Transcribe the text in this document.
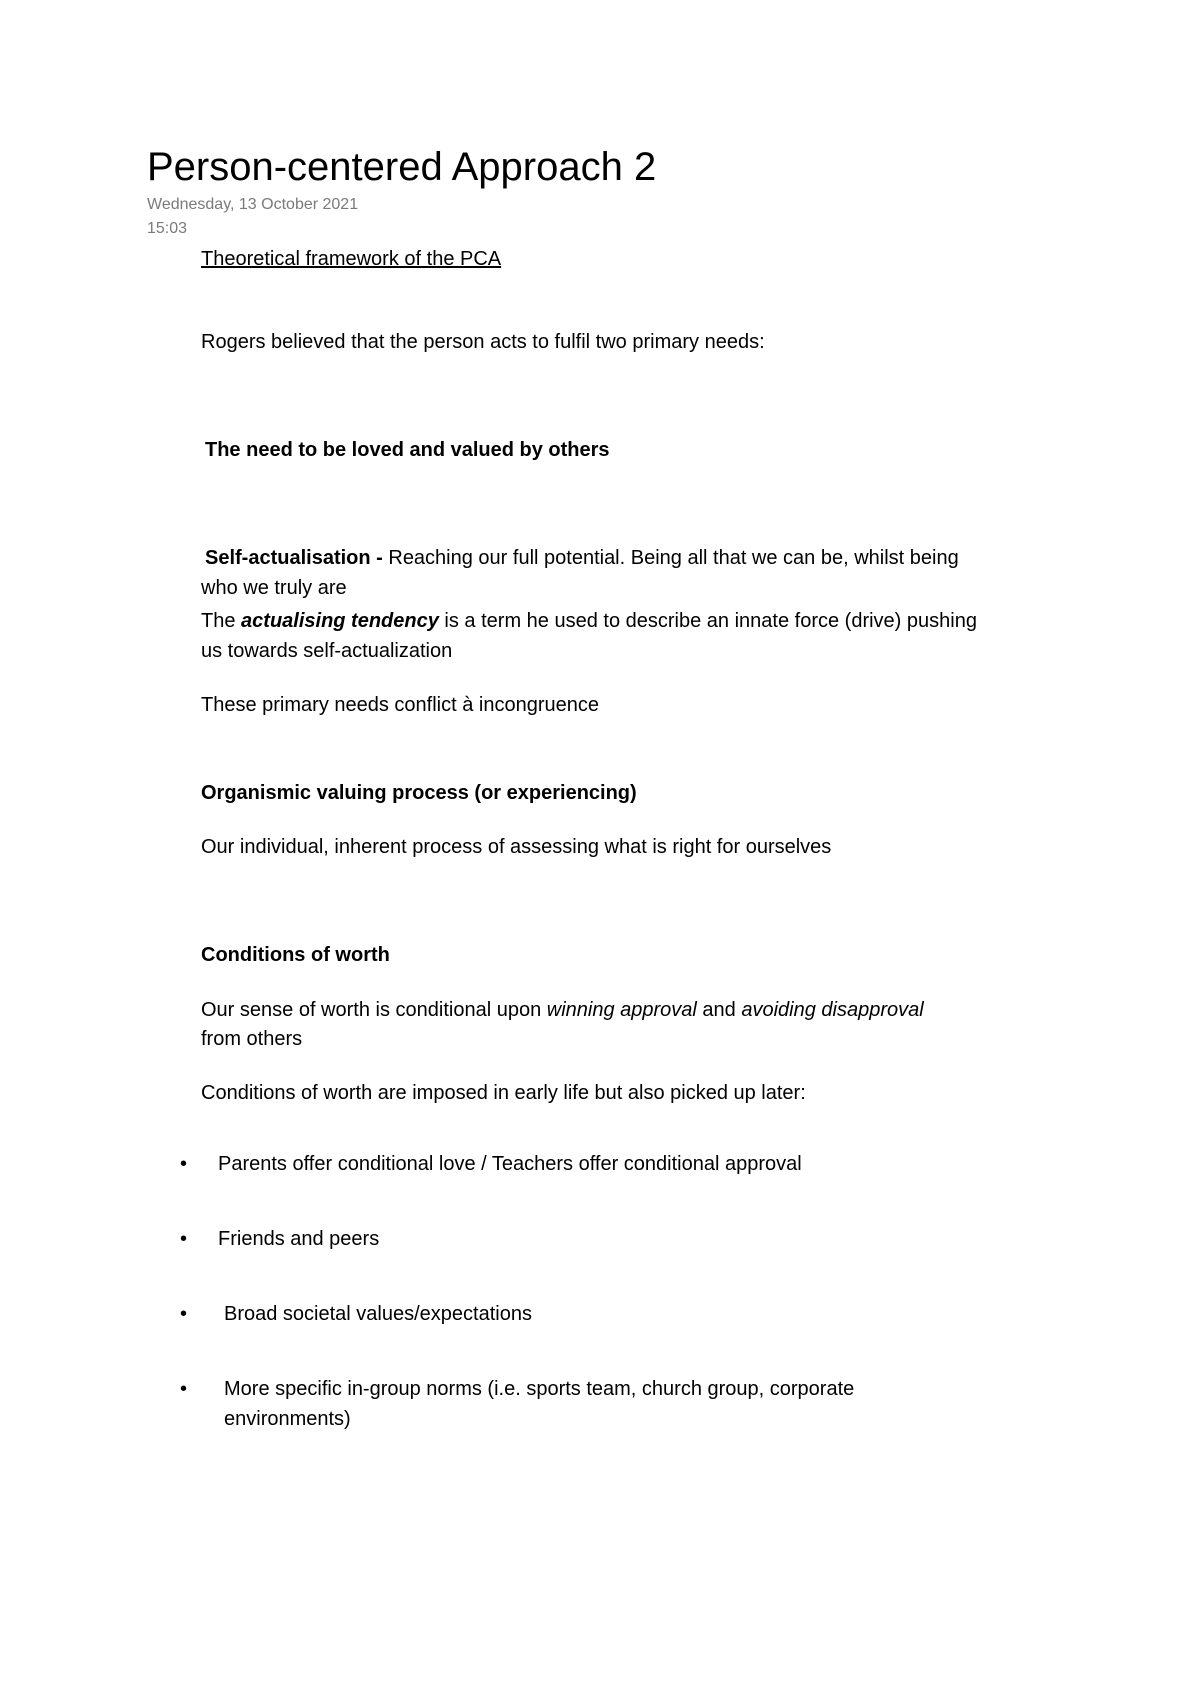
Person-centered Approach 2
Wednesday, 13 October 2021
15:03
Theoretical framework of the PCA
Rogers believed that the person acts to fulfil two primary needs:
The need to be loved and valued by others
Self-actualisation - Reaching our full potential. Being all that we can be, whilst being
who we truly are
The actualising tendency is a term he used to describe an innate force (drive) pushing
us towards self-actualization
These primary needs conflict à incongruence
Organismic valuing process (or experiencing)
Our individual, inherent process of assessing what is right for ourselves
Conditions of worth
Our sense of worth is conditional upon winning approval and avoiding disapproval
from others
Conditions of worth are imposed in early life but also picked up later:
•	Parents offer conditional love / Teachers offer conditional approval
•	Friends and peers
•	Broad societal values/expectations
•	More specific in-group norms (i.e. sports team, church group, corporate environments)
